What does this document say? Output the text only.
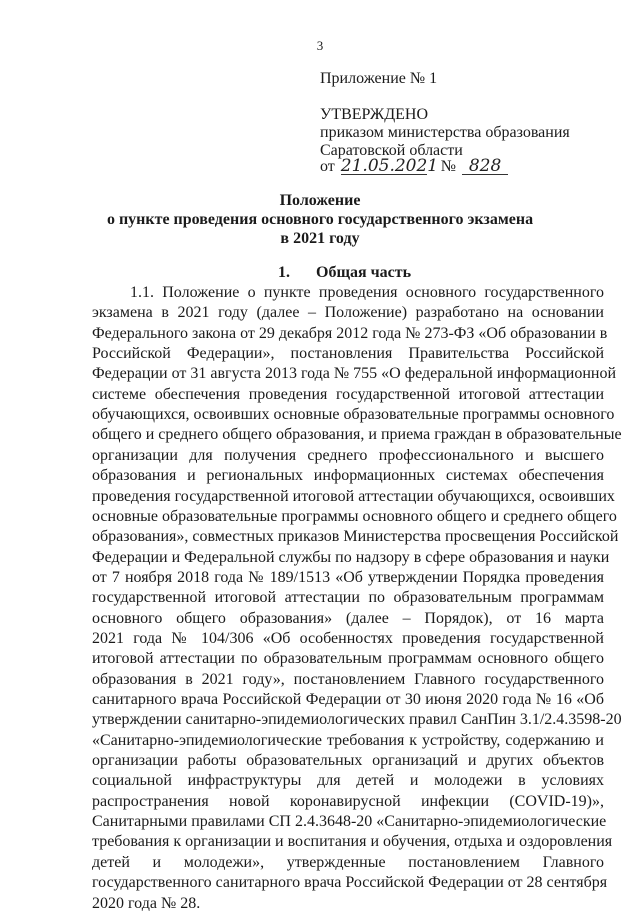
3
Приложение № 1
УТВЕРЖДЕНО
приказом министерства образования
Саратовской области
от 21.05.2021 № 828
Положение
о пункте проведения основного государственного экзамена
в 2021 году
1. Общая часть
1.1. Положение о пункте проведения основного государственного
экзамена в 2021 году (далее – Положение) разработано на основании
Федерального закона от 29 декабря 2012 года № 273-ФЗ «Об образовании в
Российской Федерации», постановления Правительства Российской
Федерации от 31 августа 2013 года № 755 «О федеральной информационной
системе обеспечения проведения государственной итоговой аттестации
обучающихся, освоивших основные образовательные программы основного
общего и среднего общего образования, и приема граждан в образовательные
организации для получения среднего профессионального и высшего
образования и региональных информационных системах обеспечения
проведения государственной итоговой аттестации обучающихся, освоивших
основные образовательные программы основного общего и среднего общего
образования», совместных приказов Министерства просвещения Российской
Федерации и Федеральной службы по надзору в сфере образования и науки
от 7 ноября 2018 года № 189/1513 «Об утверждении Порядка проведения
государственной итоговой аттестации по образовательным программам
основного общего образования» (далее – Порядок), от 16 марта
2021 года № 104/306 «Об особенностях проведения государственной
итоговой аттестации по образовательным программам основного общего
образования в 2021 году», постановлением Главного государственного
санитарного врача Российской Федерации от 30 июня 2020 года № 16 «Об
утверждении санитарно-эпидемиологических правил СанПин 3.1/2.4.3598-20
«Санитарно-эпидемиологические требования к устройству, содержанию и
организации работы образовательных организаций и других объектов
социальной инфраструктуры для детей и молодежи в условиях
распространения новой коронавирусной инфекции (COVID-19)»,
Санитарными правилами СП 2.4.3648-20 «Санитарно-эпидемиологические
требования к организации и воспитания и обучения, отдыха и оздоровления
детей и молодежи», утвержденные постановлением Главного
государственного санитарного врача Российской Федерации от 28 сентября
2020 года № 28.
